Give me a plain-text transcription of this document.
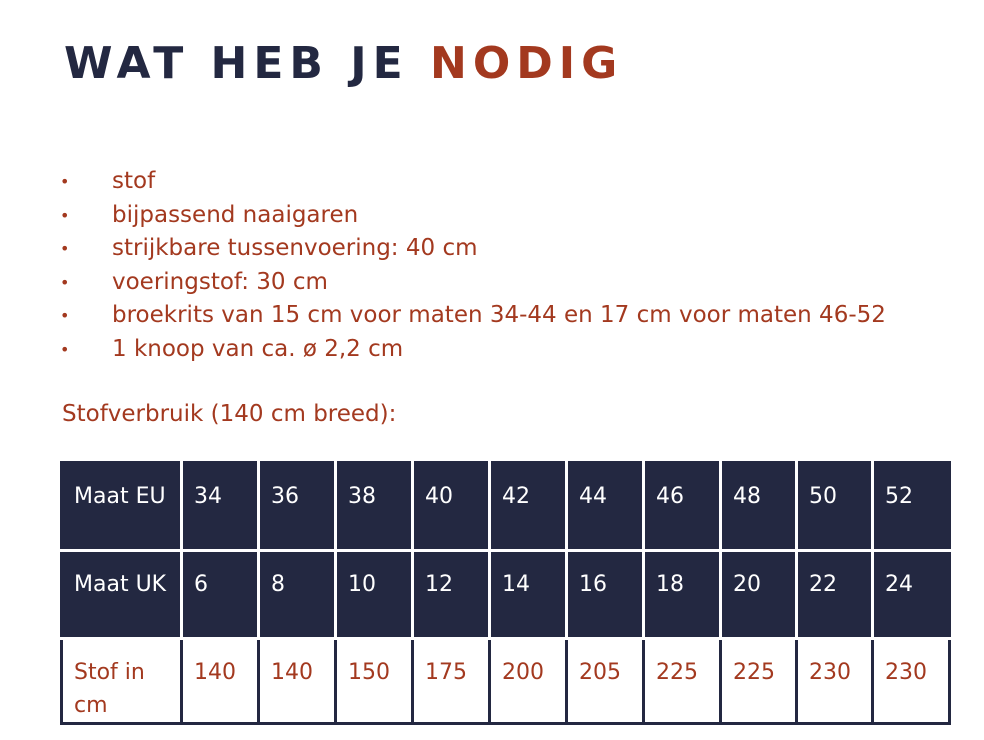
WAT HEB JE NODIG
• stof
• bijpassend naaigaren
• strijkbare tussenvoering: 40 cm
• voeringstof: 30 cm
• broekrits van 15 cm voor maten 34-44 en 17 cm voor maten 46-52
• 1 knoop van ca. ø 2,2 cm
Stofverbruik (140 cm breed):
Maat EU	34	36	38	40	42	44	46	48	50	52
Maat UK	6	8	10	12	14	16	18	20	22	24
Stof in cm	140	140	150	175	200	205	225	225	230	230
